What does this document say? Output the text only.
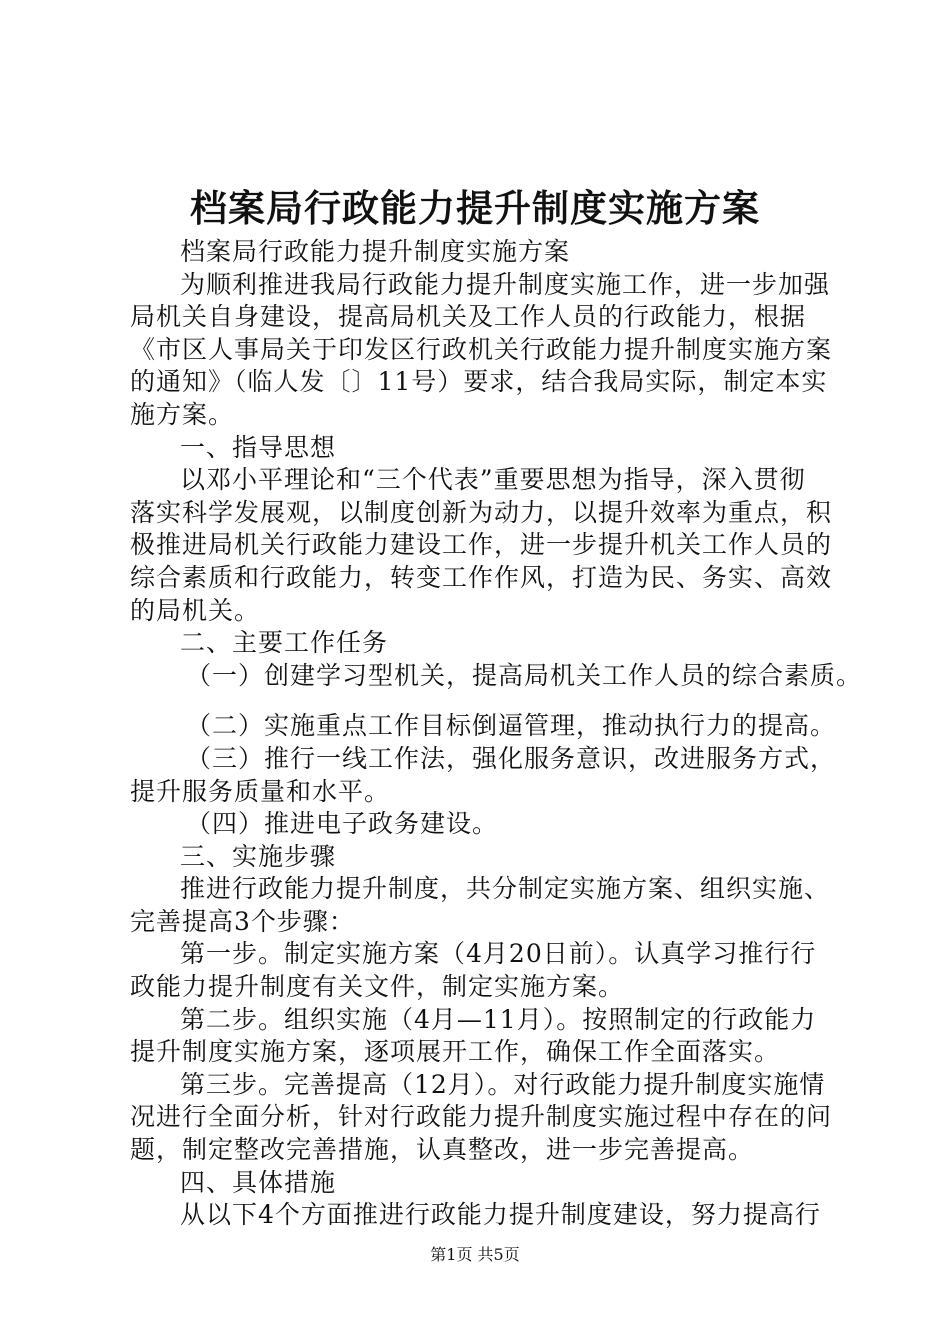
档案局行政能力提升制度实施方案
档案局行政能力提升制度实施方案
为顺利推进我局行政能力提升制度实施工作，进一步加强
局机关自身建设，提高局机关及工作人员的行政能力，根据
《市区人事局关于印发区行政机关行政能力提升制度实施方案
的通知》（临人发〔〕11号）要求，结合我局实际，制定本实
施方案。
一、指导思想
以邓小平理论和“三个代表”重要思想为指导，深入贯彻
落实科学发展观，以制度创新为动力，以提升效率为重点，积
极推进局机关行政能力建设工作，进一步提升机关工作人员的
综合素质和行政能力，转变工作作风，打造为民、务实、高效
的局机关。
二、主要工作任务
（一）创建学习型机关，提高局机关工作人员的综合素质。
（二）实施重点工作目标倒逼管理，推动执行力的提高。
（三）推行一线工作法，强化服务意识，改进服务方式，
提升服务质量和水平。
（四）推进电子政务建设。
三、实施步骤
推进行政能力提升制度，共分制定实施方案、组织实施、
完善提高3个步骤：
第一步。制定实施方案（4月20日前）。认真学习推行行
政能力提升制度有关文件，制定实施方案。
第二步。组织实施（4月—11月）。按照制定的行政能力
提升制度实施方案，逐项展开工作，确保工作全面落实。
第三步。完善提高（12月）。对行政能力提升制度实施情
况进行全面分析，针对行政能力提升制度实施过程中存在的问
题，制定整改完善措施，认真整改，进一步完善提高。
四、具体措施
从以下4个方面推进行政能力提升制度建设，努力提高行
第1页 共5页
